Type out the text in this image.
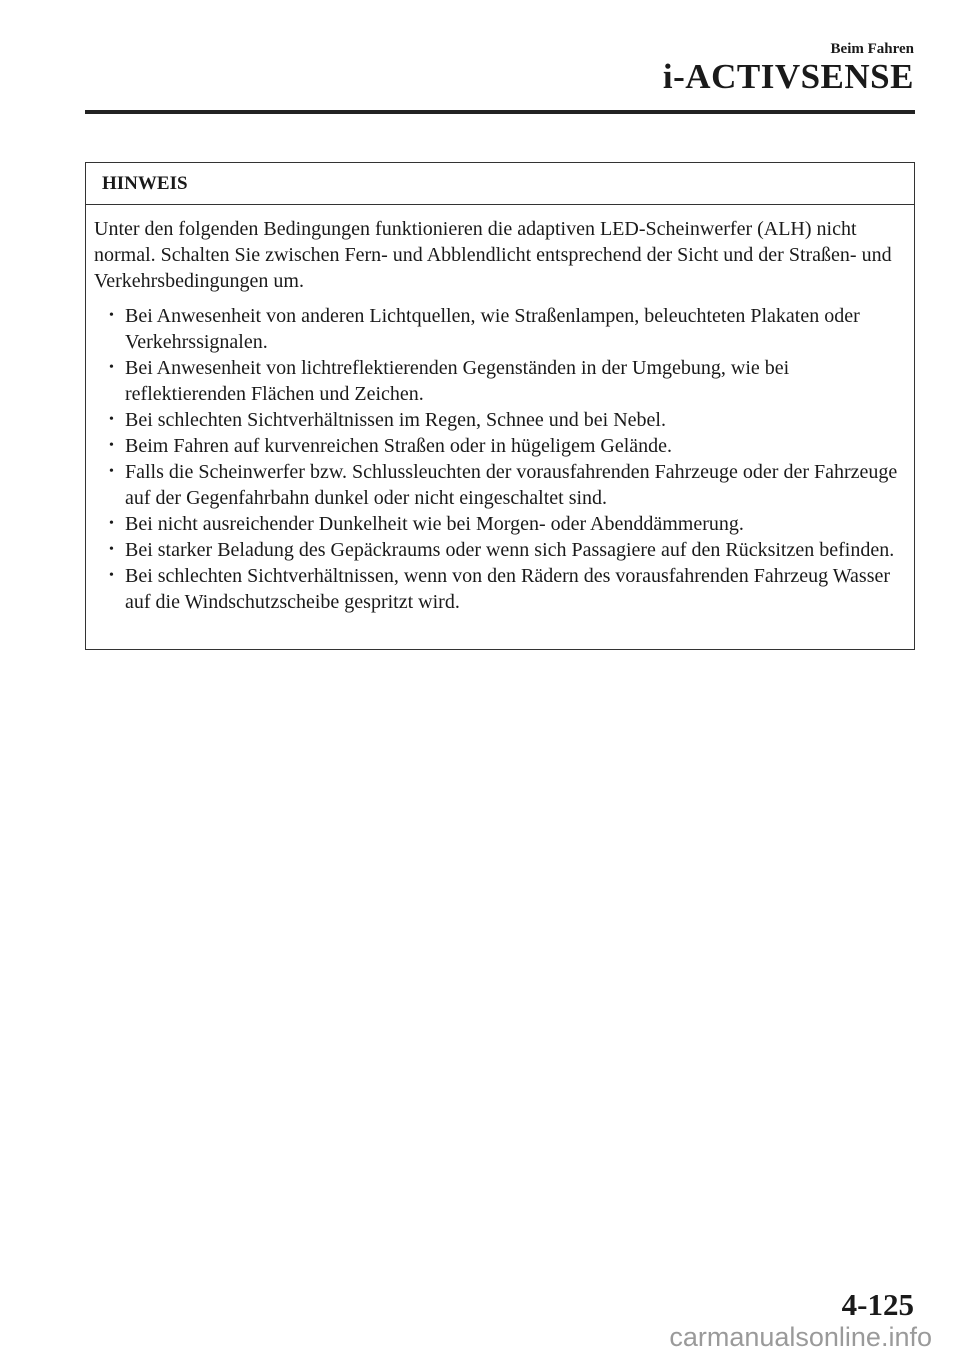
Beim Fahren
i-ACTIVSENSE
HINWEIS

Unter den folgenden Bedingungen funktionieren die adaptiven LED-Scheinwerfer (ALH) nicht normal. Schalten Sie zwischen Fern- und Abblendlicht entsprechend der Sicht und der Straßen- und Verkehrsbedingungen um.

• Bei Anwesenheit von anderen Lichtquellen, wie Straßenlampen, beleuchteten Plakaten oder Verkehrssignalen.
• Bei Anwesenheit von lichtreflektierenden Gegenständen in der Umgebung, wie bei reflektierenden Flächen und Zeichen.
• Bei schlechten Sichtverhältnissen im Regen, Schnee und bei Nebel.
• Beim Fahren auf kurvenreichen Straßen oder in hügeligem Gelände.
• Falls die Scheinwerfer bzw. Schlussleuchten der vorausfahrenden Fahrzeuge oder der Fahrzeuge auf der Gegenfahrbahn dunkel oder nicht eingeschaltet sind.
• Bei nicht ausreichender Dunkelheit wie bei Morgen- oder Abenddämmerung.
• Bei starker Beladung des Gepäckraums oder wenn sich Passagiere auf den Rücksitzen befinden.
• Bei schlechten Sichtverhältnissen, wenn von den Rädern des vorausfahrenden Fahrzeug Wasser auf die Windschutzscheibe gespritzt wird.
4-125
carmanualsonline.info
